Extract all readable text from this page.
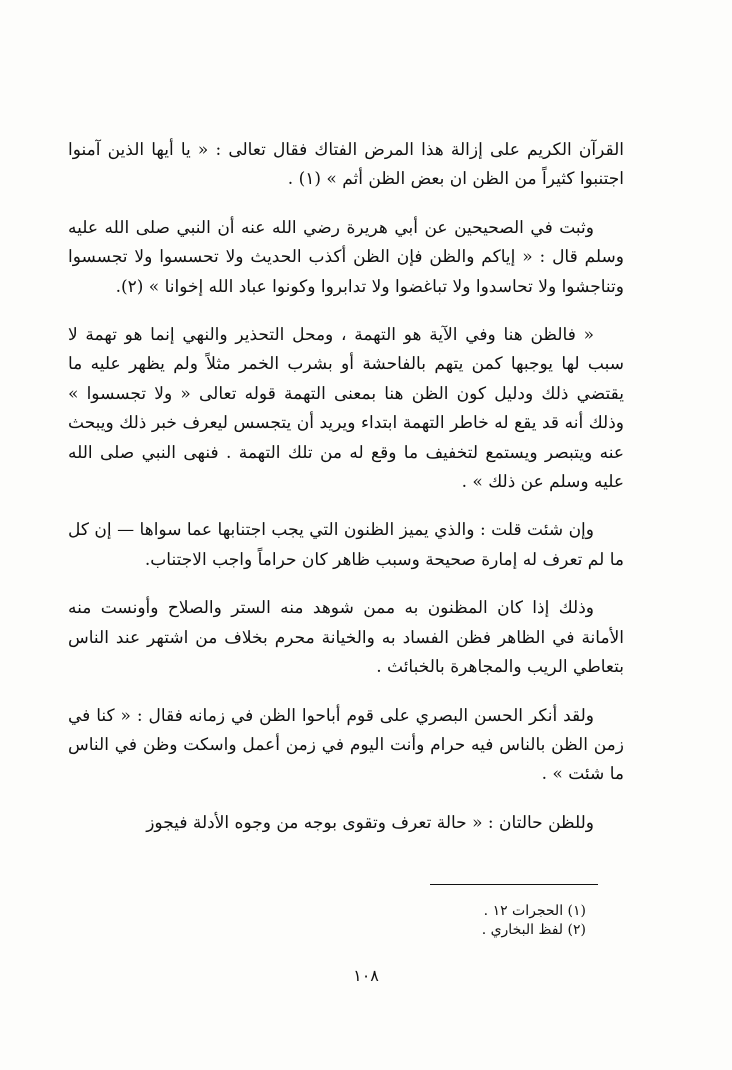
القرآن الكريم على إزالة هذا المرض الفتاك فقال تعالى : « يا أيها الذين آمنوا اجتنبوا كثيراً من الظن ان بعض الظن أثم » (١) .

وثبت في الصحيحين عن أبي هريرة رضي الله عنه أن النبي صلى الله عليه وسلم قال : « إياكم والظن فإن الظن أكذب الحديث ولا تحسسوا ولا تجسسوا وتناجشوا ولا تحاسدوا ولا تباغضوا ولا تدابروا وكونوا عباد الله إخوانا » (٢).

« فالظن هنا وفي الآية هو التهمة ، ومحل التحذير والنهي إنما هو تهمة لا سبب لها يوجبها كمن يتهم بالفاحشة أو بشرب الخمر مثلاً ولم يظهر عليه ما يقتضي ذلك ودليل كون الظن هنا بمعنى التهمة قوله تعالى « ولا تجسسوا » وذلك أنه قد يقع له خاطر التهمة ابتداء ويريد أن يتجسس ليعرف خبر ذلك ويبحث عنه ويتبصر ويستمع لتخفيف ما وقع له من تلك التهمة . فنهى النبي صلى الله عليه وسلم عن ذلك » .

وإن شئت قلت : والذي يميز الظنون التي يجب اجتنابها عما سواها — إن كل ما لم تعرف له إمارة صحيحة وسبب ظاهر كان حراماً واجب الاجتناب.

وذلك إذا كان المظنون به ممن شوهد منه الستر والصلاح وأونست منه الأمانة في الظاهر فظن الفساد به والخيانة محرم بخلاف من اشتهر عند الناس بتعاطي الريب والمجاهرة بالخبائث .

ولقد أنكر الحسن البصري على قوم أباحوا الظن في زمانه فقال : « كنا في زمن الظن بالناس فيه حرام وأنت اليوم في زمن أعمل واسكت وظن في الناس ما شئت » .

وللظن حالتان : « حالة تعرف وتقوى بوجه من وجوه الأدلة فيجوز

(١) الحجرات ١٢ .

(٢) لفظ البخاري .

١٠٨
